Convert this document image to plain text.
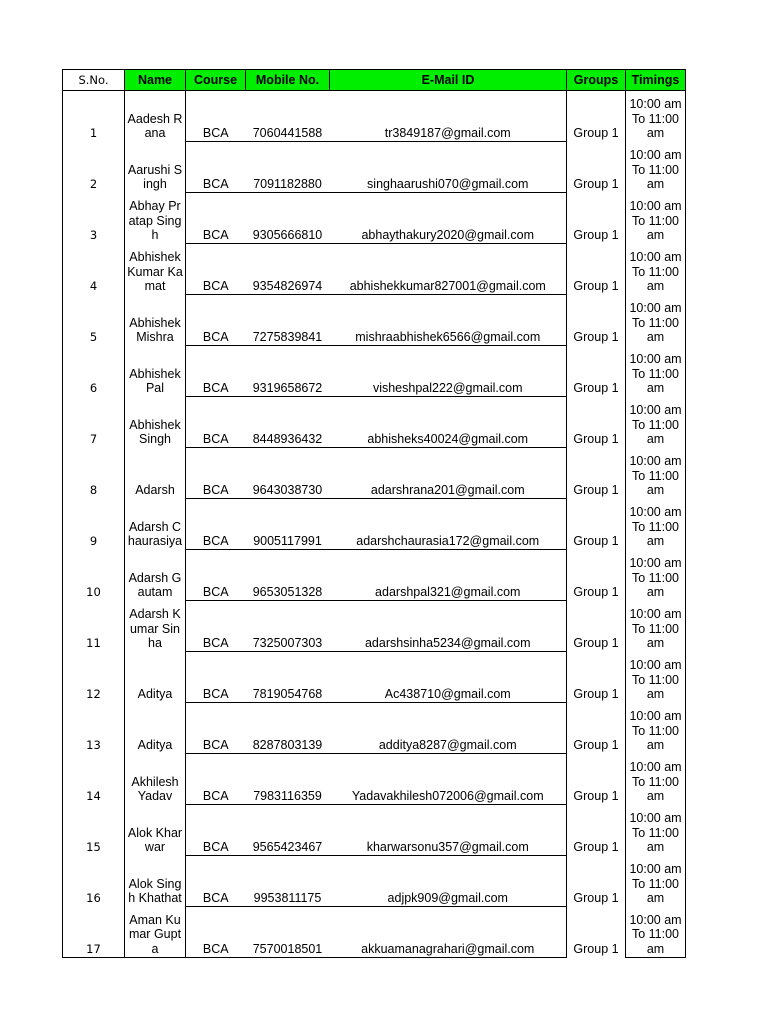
S.No.	Name	Course	Mobile No.	E-Mail ID	Groups	Timings
1	Aadesh Rana	BCA	7060441588	tr3849187@gmail.com	Group 1	10:00 am To 11:00 am
2	Aarushi Singh	BCA	7091182880	singhaarushi070@gmail.com	Group 1	10:00 am To 11:00 am
3	Abhay Pratap Singh	BCA	9305666810	abhaythakury2020@gmail.com	Group 1	10:00 am To 11:00 am
4	Abhishek Kumar Kamat	BCA	9354826974	abhishekkumar827001@gmail.com	Group 1	10:00 am To 11:00 am
5	Abhishek Mishra	BCA	7275839841	mishraabhishek6566@gmail.com	Group 1	10:00 am To 11:00 am
6	Abhishek Pal	BCA	9319658672	visheshpal222@gmail.com	Group 1	10:00 am To 11:00 am
7	Abhishek Singh	BCA	8448936432	abhisheks40024@gmail.com	Group 1	10:00 am To 11:00 am
8	Adarsh	BCA	9643038730	adarshrana201@gmail.com	Group 1	10:00 am To 11:00 am
9	Adarsh Chaurasiya	BCA	9005117991	adarshchaurasia172@gmail.com	Group 1	10:00 am To 11:00 am
10	Adarsh Gautam	BCA	9653051328	adarshpal321@gmail.com	Group 1	10:00 am To 11:00 am
11	Adarsh Kumar Sinha	BCA	7325007303	adarshsinha5234@gmail.com	Group 1	10:00 am To 11:00 am
12	Aditya	BCA	7819054768	Ac438710@gmail.com	Group 1	10:00 am To 11:00 am
13	Aditya	BCA	8287803139	additya8287@gmail.com	Group 1	10:00 am To 11:00 am
14	Akhilesh Yadav	BCA	7983116359	Yadavakhilesh072006@gmail.com	Group 1	10:00 am To 11:00 am
15	Alok Kharwar	BCA	9565423467	kharwarsonu357@gmail.com	Group 1	10:00 am To 11:00 am
16	Alok Singh Khathat	BCA	9953811175	adjpk909@gmail.com	Group 1	10:00 am To 11:00 am
17	Aman Kumar Gupta	BCA	7570018501	akkuamanagrahari@gmail.com	Group 1	10:00 am To 11:00 am
